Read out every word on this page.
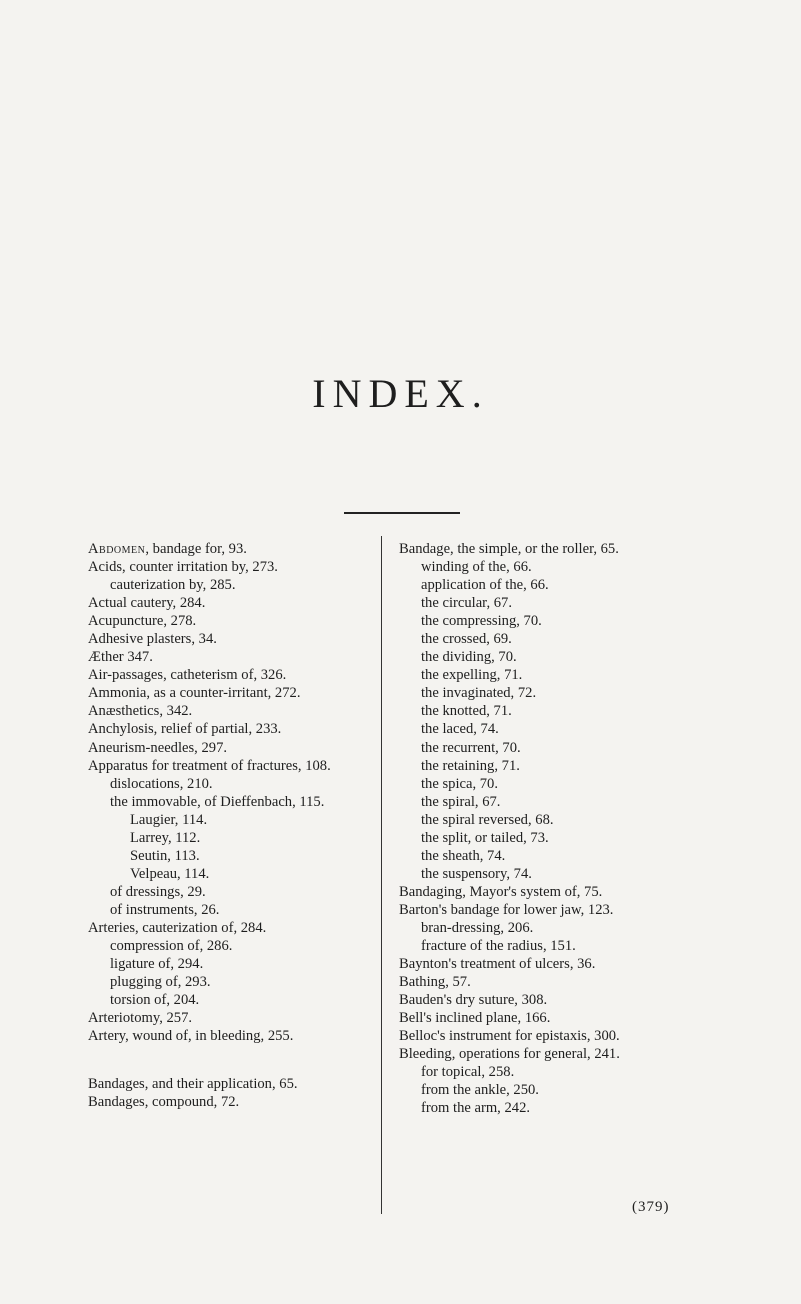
INDEX.
Abdomen, bandage for, 93.
Acids, counter irritation by, 273.
cauterization by, 285.
Actual cautery, 284.
Acupuncture, 278.
Adhesive plasters, 34.
Æther 347.
Air-passages, catheterism of, 326.
Ammonia, as a counter-irritant, 272.
Anæsthetics, 342.
Anchylosis, relief of partial, 233.
Aneurism-needles, 297.
Apparatus for treatment of fractures, 108.
dislocations, 210.
the immovable, of Dieffenbach, 115.
Laugier, 114.
Larrey, 112.
Seutin, 113.
Velpeau, 114.
of dressings, 29.
of instruments, 26.
Arteries, cauterization of, 284.
compression of, 286.
ligature of, 294.
plugging of, 293.
torsion of, 204.
Arteriotomy, 257.
Artery, wound of, in bleeding, 255.
Bandages, and their application, 65.
Bandages, compound, 72.
Bandage, the simple, or the roller, 65.
winding of the, 66.
application of the, 66.
the circular, 67.
the compressing, 70.
the crossed, 69.
the dividing, 70.
the expelling, 71.
the invaginated, 72.
the knotted, 71.
the laced, 74.
the recurrent, 70.
the retaining, 71.
the spica, 70.
the spiral, 67.
the spiral reversed, 68.
the split, or tailed, 73.
the sheath, 74.
the suspensory, 74.
Bandaging, Mayor's system of, 75.
Barton's bandage for lower jaw, 123.
bran-dressing, 206.
fracture of the radius, 151.
Baynton's treatment of ulcers, 36.
Bathing, 57.
Bauden's dry suture, 308.
Bell's inclined plane, 166.
Belloc's instrument for epistaxis, 300.
Bleeding, operations for general, 241.
for topical, 258.
from the ankle, 250.
from the arm, 242.
(379)
